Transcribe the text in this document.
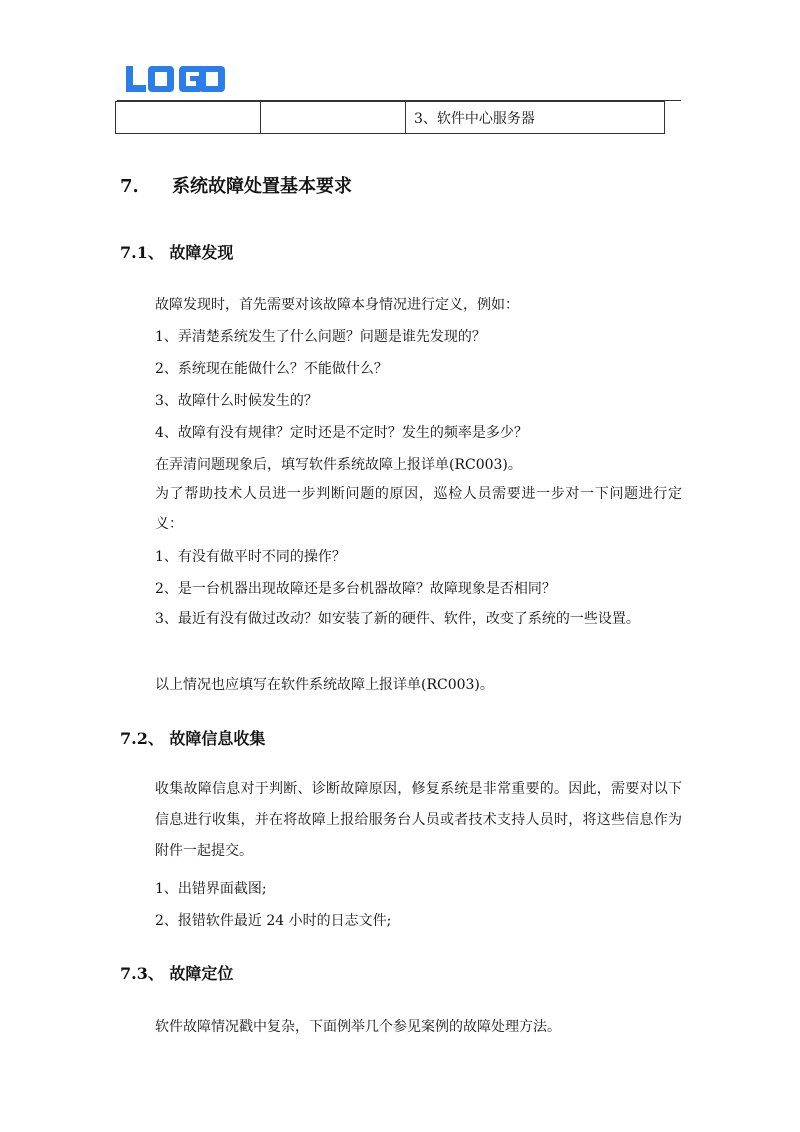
		3、软件中心服务器
7. 系统故障处置基本要求
7.1、 故障发现
故障发现时，首先需要对该故障本身情况进行定义，例如：
1、弄清楚系统发生了什么问题？问题是谁先发现的？
2、系统现在能做什么？不能做什么？
3、故障什么时候发生的？
4、故障有没有规律？定时还是不定时？发生的频率是多少？
在弄清问题现象后，填写软件系统故障上报详单(RC003)。
为了帮助技术人员进一步判断问题的原因，巡检人员需要进一步对一下问题进行定义：
1、有没有做平时不同的操作？
2、是一台机器出现故障还是多台机器故障？故障现象是否相同？
3、最近有没有做过改动？如安装了新的硬件、软件，改变了系统的一些设置。
以上情况也应填写在软件系统故障上报详单(RC003)。
7.2、 故障信息收集
收集故障信息对于判断、诊断故障原因，修复系统是非常重要的。因此，需要对以下信息进行收集，并在将故障上报给服务台人员或者技术支持人员时，将这些信息作为附件一起提交。
1、出错界面截图;
2、报错软件最近 24 小时的日志文件;
7.3、 故障定位
软件故障情况戳中复杂，下面例举几个参见案例的故障处理方法。
